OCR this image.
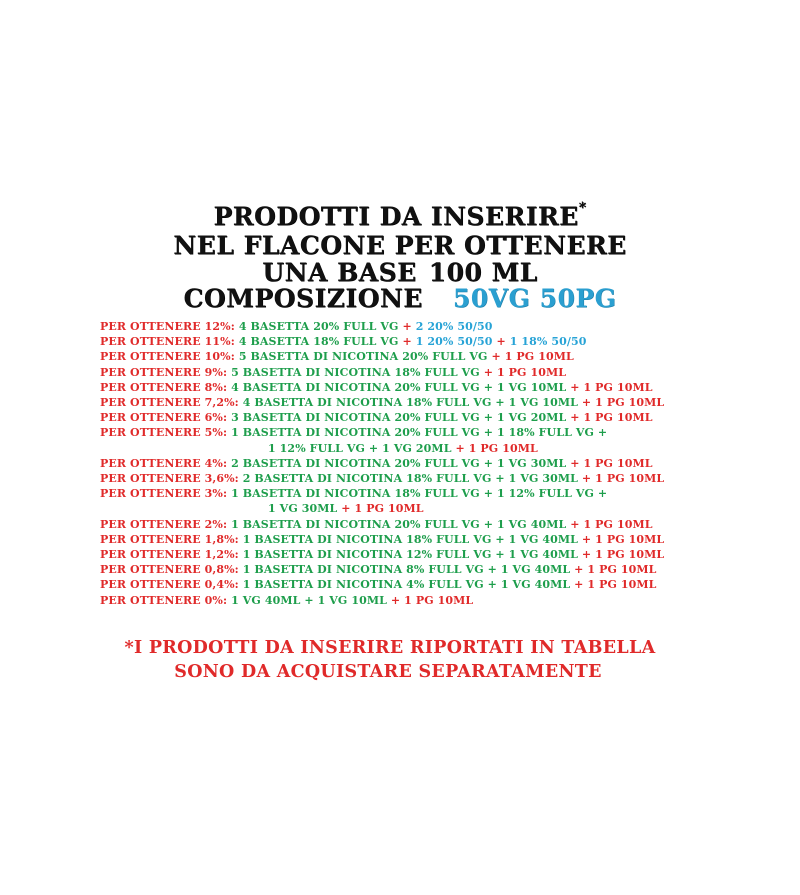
PRODOTTI DA INSERIRE*
NEL FLACONE PER OTTENERE
UNA BASE 100 ML
COMPOSIZIONE 50VG 50PG
PER OTTENERE 12%: 4 BASETTA 20% FULL VG + 2 20% 50/50
PER OTTENERE 11%: 4 BASETTA 18% FULL VG + 1 20% 50/50 + 1 18% 50/50
PER OTTENERE 10%: 5 BASETTA DI NICOTINA 20% FULL VG + 1 PG 10ML
PER OTTENERE 9%: 5 BASETTA DI NICOTINA 18% FULL VG + 1 PG 10ML
PER OTTENERE 8%: 4 BASETTA DI NICOTINA 20% FULL VG + 1 VG 10ML + 1 PG 10ML
PER OTTENERE 7,2%: 4 BASETTA DI NICOTINA 18% FULL VG + 1 VG 10ML + 1 PG 10ML
PER OTTENERE 6%: 3 BASETTA DI NICOTINA 20% FULL VG + 1 VG 20ML + 1 PG 10ML
PER OTTENERE 5%: 1 BASETTA DI NICOTINA 20% FULL VG + 1 18% FULL VG +
1 12% FULL VG + 1 VG 20ML + 1 PG 10ML
PER OTTENERE 4%: 2 BASETTA DI NICOTINA 20% FULL VG + 1 VG 30ML + 1 PG 10ML
PER OTTENERE 3,6%: 2 BASETTA DI NICOTINA 18% FULL VG + 1 VG 30ML + 1 PG 10ML
PER OTTENERE 3%: 1 BASETTA DI NICOTINA 18% FULL VG + 1 12% FULL VG +
1 VG 30ML + 1 PG 10ML
PER OTTENERE 2%: 1 BASETTA DI NICOTINA 20% FULL VG + 1 VG 40ML + 1 PG 10ML
PER OTTENERE 1,8%: 1 BASETTA DI NICOTINA 18% FULL VG + 1 VG 40ML + 1 PG 10ML
PER OTTENERE 1,2%: 1 BASETTA DI NICOTINA 12% FULL VG + 1 VG 40ML + 1 PG 10ML
PER OTTENERE 0,8%: 1 BASETTA DI NICOTINA 8% FULL VG + 1 VG 40ML + 1 PG 10ML
PER OTTENERE 0,4%: 1 BASETTA DI NICOTINA 4% FULL VG + 1 VG 40ML + 1 PG 10ML
PER OTTENERE 0%: 1 VG 40ML + 1 VG 10ML + 1 PG 10ML
*I PRODOTTI DA INSERIRE RIPORTATI IN TABELLA
SONO DA ACQUISTARE SEPARATAMENTE
